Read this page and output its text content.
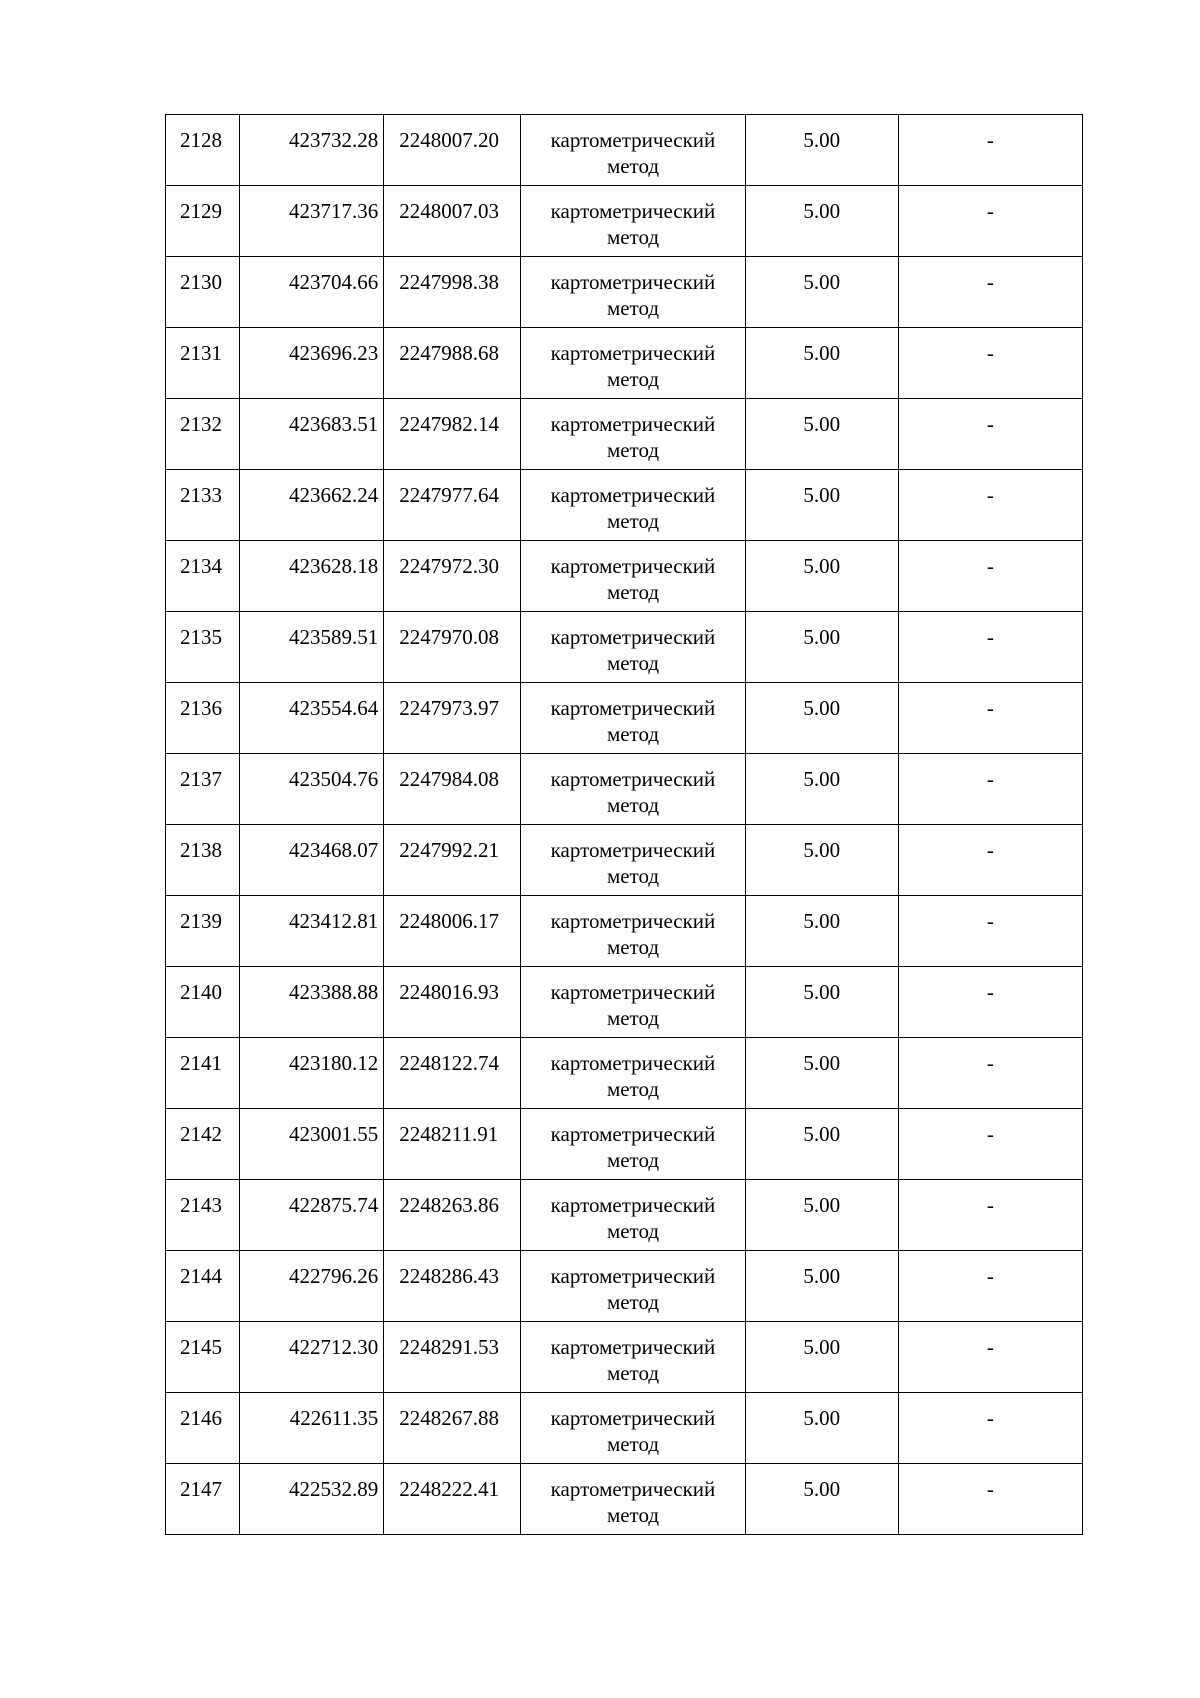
2128	423732.28	2248007.20	картометрический метод	5.00	-

2129	423717.36	2248007.03	картометрический метод	5.00	-

2130	423704.66	2247998.38	картометрический метод	5.00	-

2131	423696.23	2247988.68	картометрический метод	5.00	-

2132	423683.51	2247982.14	картометрический метод	5.00	-

2133	423662.24	2247977.64	картометрический метод	5.00	-

2134	423628.18	2247972.30	картометрический метод	5.00	-

2135	423589.51	2247970.08	картометрический метод	5.00	-

2136	423554.64	2247973.97	картометрический метод	5.00	-

2137	423504.76	2247984.08	картометрический метод	5.00	-

2138	423468.07	2247992.21	картометрический метод	5.00	-

2139	423412.81	2248006.17	картометрический метод	5.00	-

2140	423388.88	2248016.93	картометрический метод	5.00	-

2141	423180.12	2248122.74	картометрический метод	5.00	-

2142	423001.55	2248211.91	картометрический метод	5.00	-

2143	422875.74	2248263.86	картометрический метод	5.00	-

2144	422796.26	2248286.43	картометрический метод	5.00	-

2145	422712.30	2248291.53	картометрический метод	5.00	-

2146	422611.35	2248267.88	картометрический метод	5.00	-

2147	422532.89	2248222.41	картометрический метод	5.00	-
